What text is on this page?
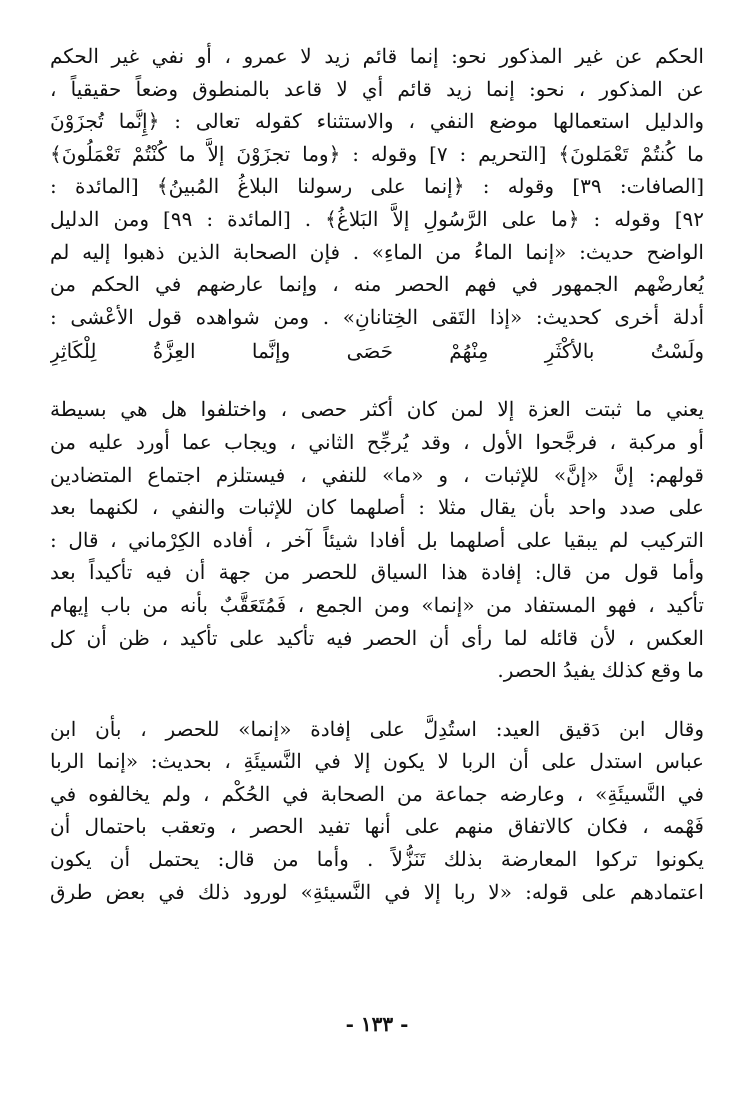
الحكم عن غير المذكور نحو: إنما قائم زيد لا عمرو ، أو نفي غير الحكم
عن المذكور ، نحو: إنما زيد قائم أي لا قاعد بالمنطوق وضعاً حقيقياً ،
والدليل استعمالها موضع النفي ، والاستثناء كقوله تعالى : ﴿إِنَّما تُجزَوْنَ
ما كُنتُمْ تَعْمَلونَ﴾ [التحريم : ٧] وقوله : ﴿وما تجزَوْنَ إلاَّ ما كُنْتُمْ تَعْمَلُونَ﴾
[الصافات: ٣٩] وقوله : ﴿إنما على رسولنا البلاغُ المُبينُ﴾ [المائدة :
٩٢] وقوله : ﴿ما على الرَّسُولِ إلاَّ البَلاغُ﴾ . [المائدة : ٩٩] ومن الدليل
الواضح حديث: «إنما الماءُ من الماءِ» . فإن الصحابة الذين ذهبوا إليه لم
يُعارضْهم الجمهور في فهم الحصر منه ، وإنما عارضهم في الحكم من
أدلة أخرى كحديث: «إذا التَقى الخِتانانِ» . ومن شواهده قول الأعْشى :
ولَسْتُ بالأكْثَرِ مِنْهُمْ حَصَى وإنَّما العِزَّةُ لِلْكَاثِرِ
يعني ما ثبتت العزة إلا لمن كان أكثر حصى ، واختلفوا هل هي بسيطة
أو مركبة ، فرجَّحوا الأول ، وقد يُرجِّح الثاني ، ويجاب عما أورد عليه من
قولهم: إنَّ «إنَّ» للإثبات ، و «ما» للنفي ، فيستلزم اجتماع المتضادين
على صدد واحد بأن يقال مثلا : أصلهما كان للإثبات والنفي ، لكنهما بعد
التركيب لم يبقيا على أصلهما بل أفادا شيئاً آخر ، أفاده الكِرْماني ، قال :
وأما قول من قال: إفادة هذا السياق للحصر من جهة أن فيه تأكيداً بعد
تأكيد ، فهو المستفاد من «إنما» ومن الجمع ، فَمُتَعَقَّبٌ بأنه من باب إيهام
العكس ، لأن قائله لما رأى أن الحصر فيه تأكيد على تأكيد ، ظن أن كل
ما وقع كذلك يفيدُ الحصر.
وقال ابن دَقيق العيد: استُدِلَّ على إفادة «إنما» للحصر ، بأن ابن
عباس استدل على أن الربا لا يكون إلا في النَّسيئَةِ ، بحديث: «إنما الربا
في النَّسيئَةِ» ، وعارضه جماعة من الصحابة في الحُكْم ، ولم يخالفوه في
فَهْمه ، فكان كالاتفاق منهم على أنها تفيد الحصر ، وتعقب باحتمال أن
يكونوا تركوا المعارضة بذلك تَنَزُّلاً . وأما من قال: يحتمل أن يكون
اعتمادهم على قوله: «لا ربا إلا في النَّسيئةِ» لورود ذلك في بعض طرق
- ١٣٣ -
